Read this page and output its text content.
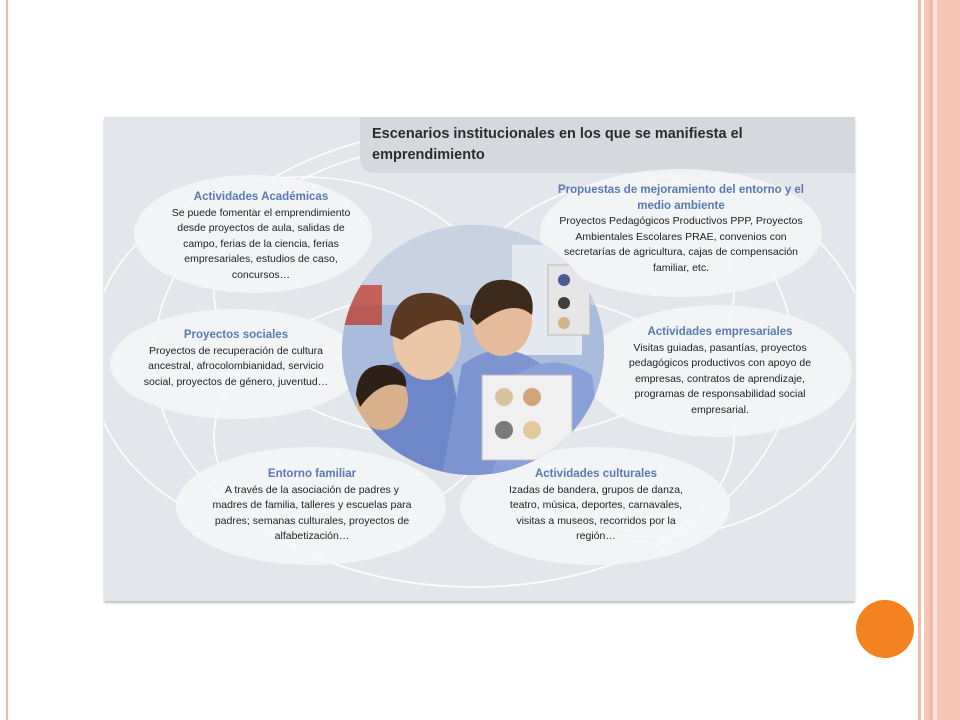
Escenarios institucionales en los que se manifiesta el emprendimiento
Actividades Académicas
Se puede fomentar el emprendimiento desde proyectos de aula, salidas de campo, ferias de la ciencia, ferias empresariales, estudios de caso, concursos…
Propuestas de mejoramiento del entorno y el medio ambiente
Proyectos Pedagógicos Productivos PPP, Proyectos Ambientales Escolares PRAE, convenios con secretarías de agricultura, cajas de compensación familiar, etc.
Proyectos sociales
Proyectos de recuperación de cultura ancestral, afrocolombianidad, servicio social, proyectos de género, juventud…
Actividades empresariales
Visitas guiadas, pasantías, proyectos pedagógicos productivos con apoyo de empresas, contratos de aprendizaje, programas de responsabilidad social empresarial.
Entorno familiar
A través de la asociación de padres y madres de familia, talleres y escuelas para padres; semanas culturales, proyectos de alfabetización…
Actividades culturales
Izadas de bandera, grupos de danza, teatro, música, deportes, carnavales, visitas a museos, recorridos por la región…
